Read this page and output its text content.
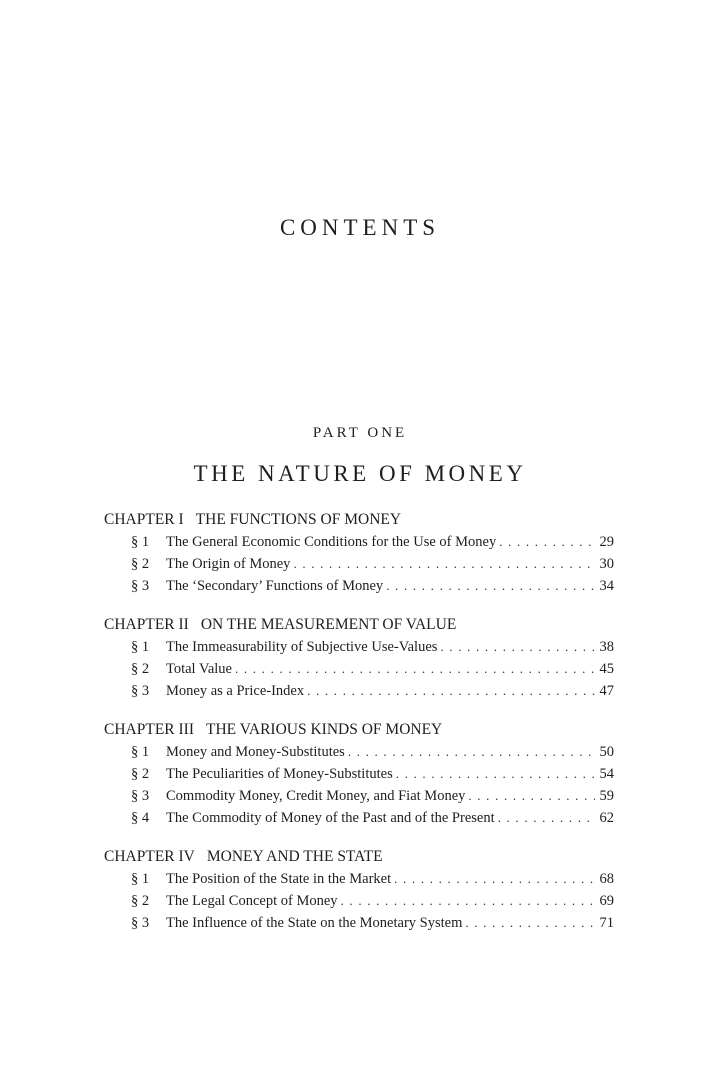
CONTENTS
PART ONE
THE NATURE OF MONEY
CHAPTER I THE FUNCTIONS OF MONEY
§ 1	The General Economic Conditions for the Use of Money . . .	29
§ 2	The Origin of Money . . .	30
§ 3	The ‘Secondary’ Functions of Money . . .	34
CHAPTER II ON THE MEASUREMENT OF VALUE
§ 1	The Immeasurability of Subjective Use-Values . . .	38
§ 2	Total Value . . .	45
§ 3	Money as a Price-Index . . .	47
CHAPTER III THE VARIOUS KINDS OF MONEY
§ 1	Money and Money-Substitutes . . .	50
§ 2	The Peculiarities of Money-Substitutes . . .	54
§ 3	Commodity Money, Credit Money, and Fiat Money . . .	59
§ 4	The Commodity of Money of the Past and of the Present . . .	62
CHAPTER IV MONEY AND THE STATE
§ 1	The Position of the State in the Market . . .	68
§ 2	The Legal Concept of Money . . .	69
§ 3	The Influence of the State on the Monetary System . . .	71
